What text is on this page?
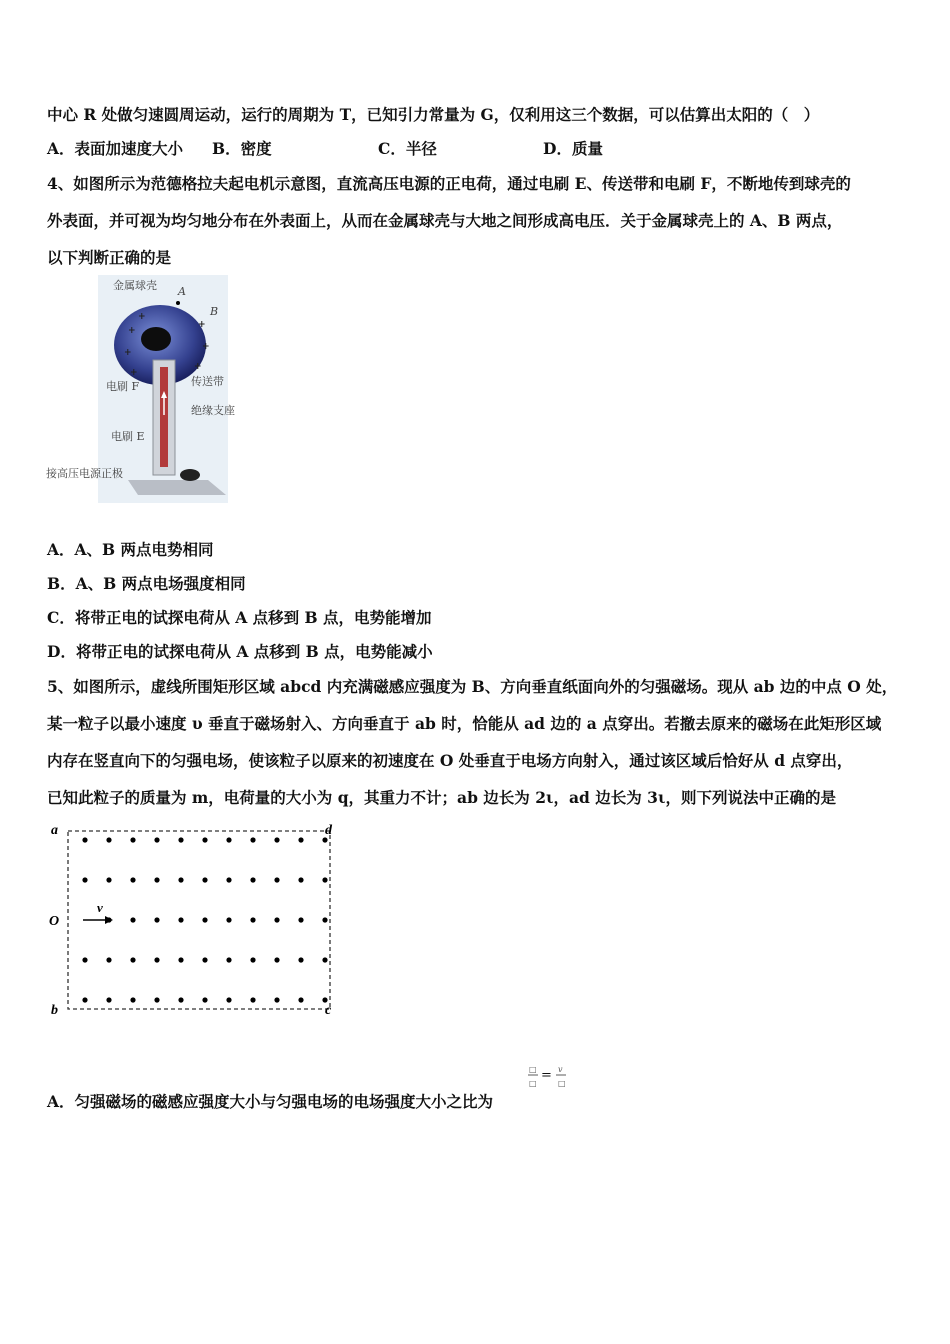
中心 R 处做匀速圆周运动，运行的周期为 T，已知引力常量为 G，仅利用这三个数据，可以估算出太阳的（　）
A．表面加速度大小 B．密度	C．半径	D．质量
4、如图所示为范德格拉夫起电机示意图，直流高压电源的正电荷，通过电刷 E、传送带和电刷 F，不断地传到球壳的
外表面，并可视为均匀地分布在外表面上，从而在金属球壳与大地之间形成高电压．关于金属球壳上的 A、B 两点，
以下判断正确的是
+
+
+
+
+
+
+
金属球壳 A
B
电刷 F	传送带
绝缘支座
电刷 E
接高压电源正极
A．A、B 两点电势相同
B．A、B 两点电场强度相同
C．将带正电的试探电荷从 A 点移到 B 点，电势能增加
D．将带正电的试探电荷从 A 点移到 B 点，电势能减小
5、如图所示，虚线所围矩形区域 abcd 内充满磁感应强度为 B、方向垂直纸面向外的匀强磁场。现从 ab 边的中点 O 处，
某一粒子以最小速度 υ 垂直于磁场射入、方向垂直于 ab 时，恰能从 ad 边的 a 点穿出。若撤去原来的磁场在此矩形区域
内存在竖直向下的匀强电场，使该粒子以原来的初速度在 O 处垂直于电场方向射入，通过该区域后恰好从 d 点穿出，
已知此粒子的质量为 m，电荷量的大小为 q，其重力不计；ab 边长为 2ι，ad 边长为 3ι，则下列说法中正确的是
a
b	c
d
O
v
A．匀强磁场的磁感应强度大小与匀强电场的电场强度大小之比为
□
□
= 𝑣
□
